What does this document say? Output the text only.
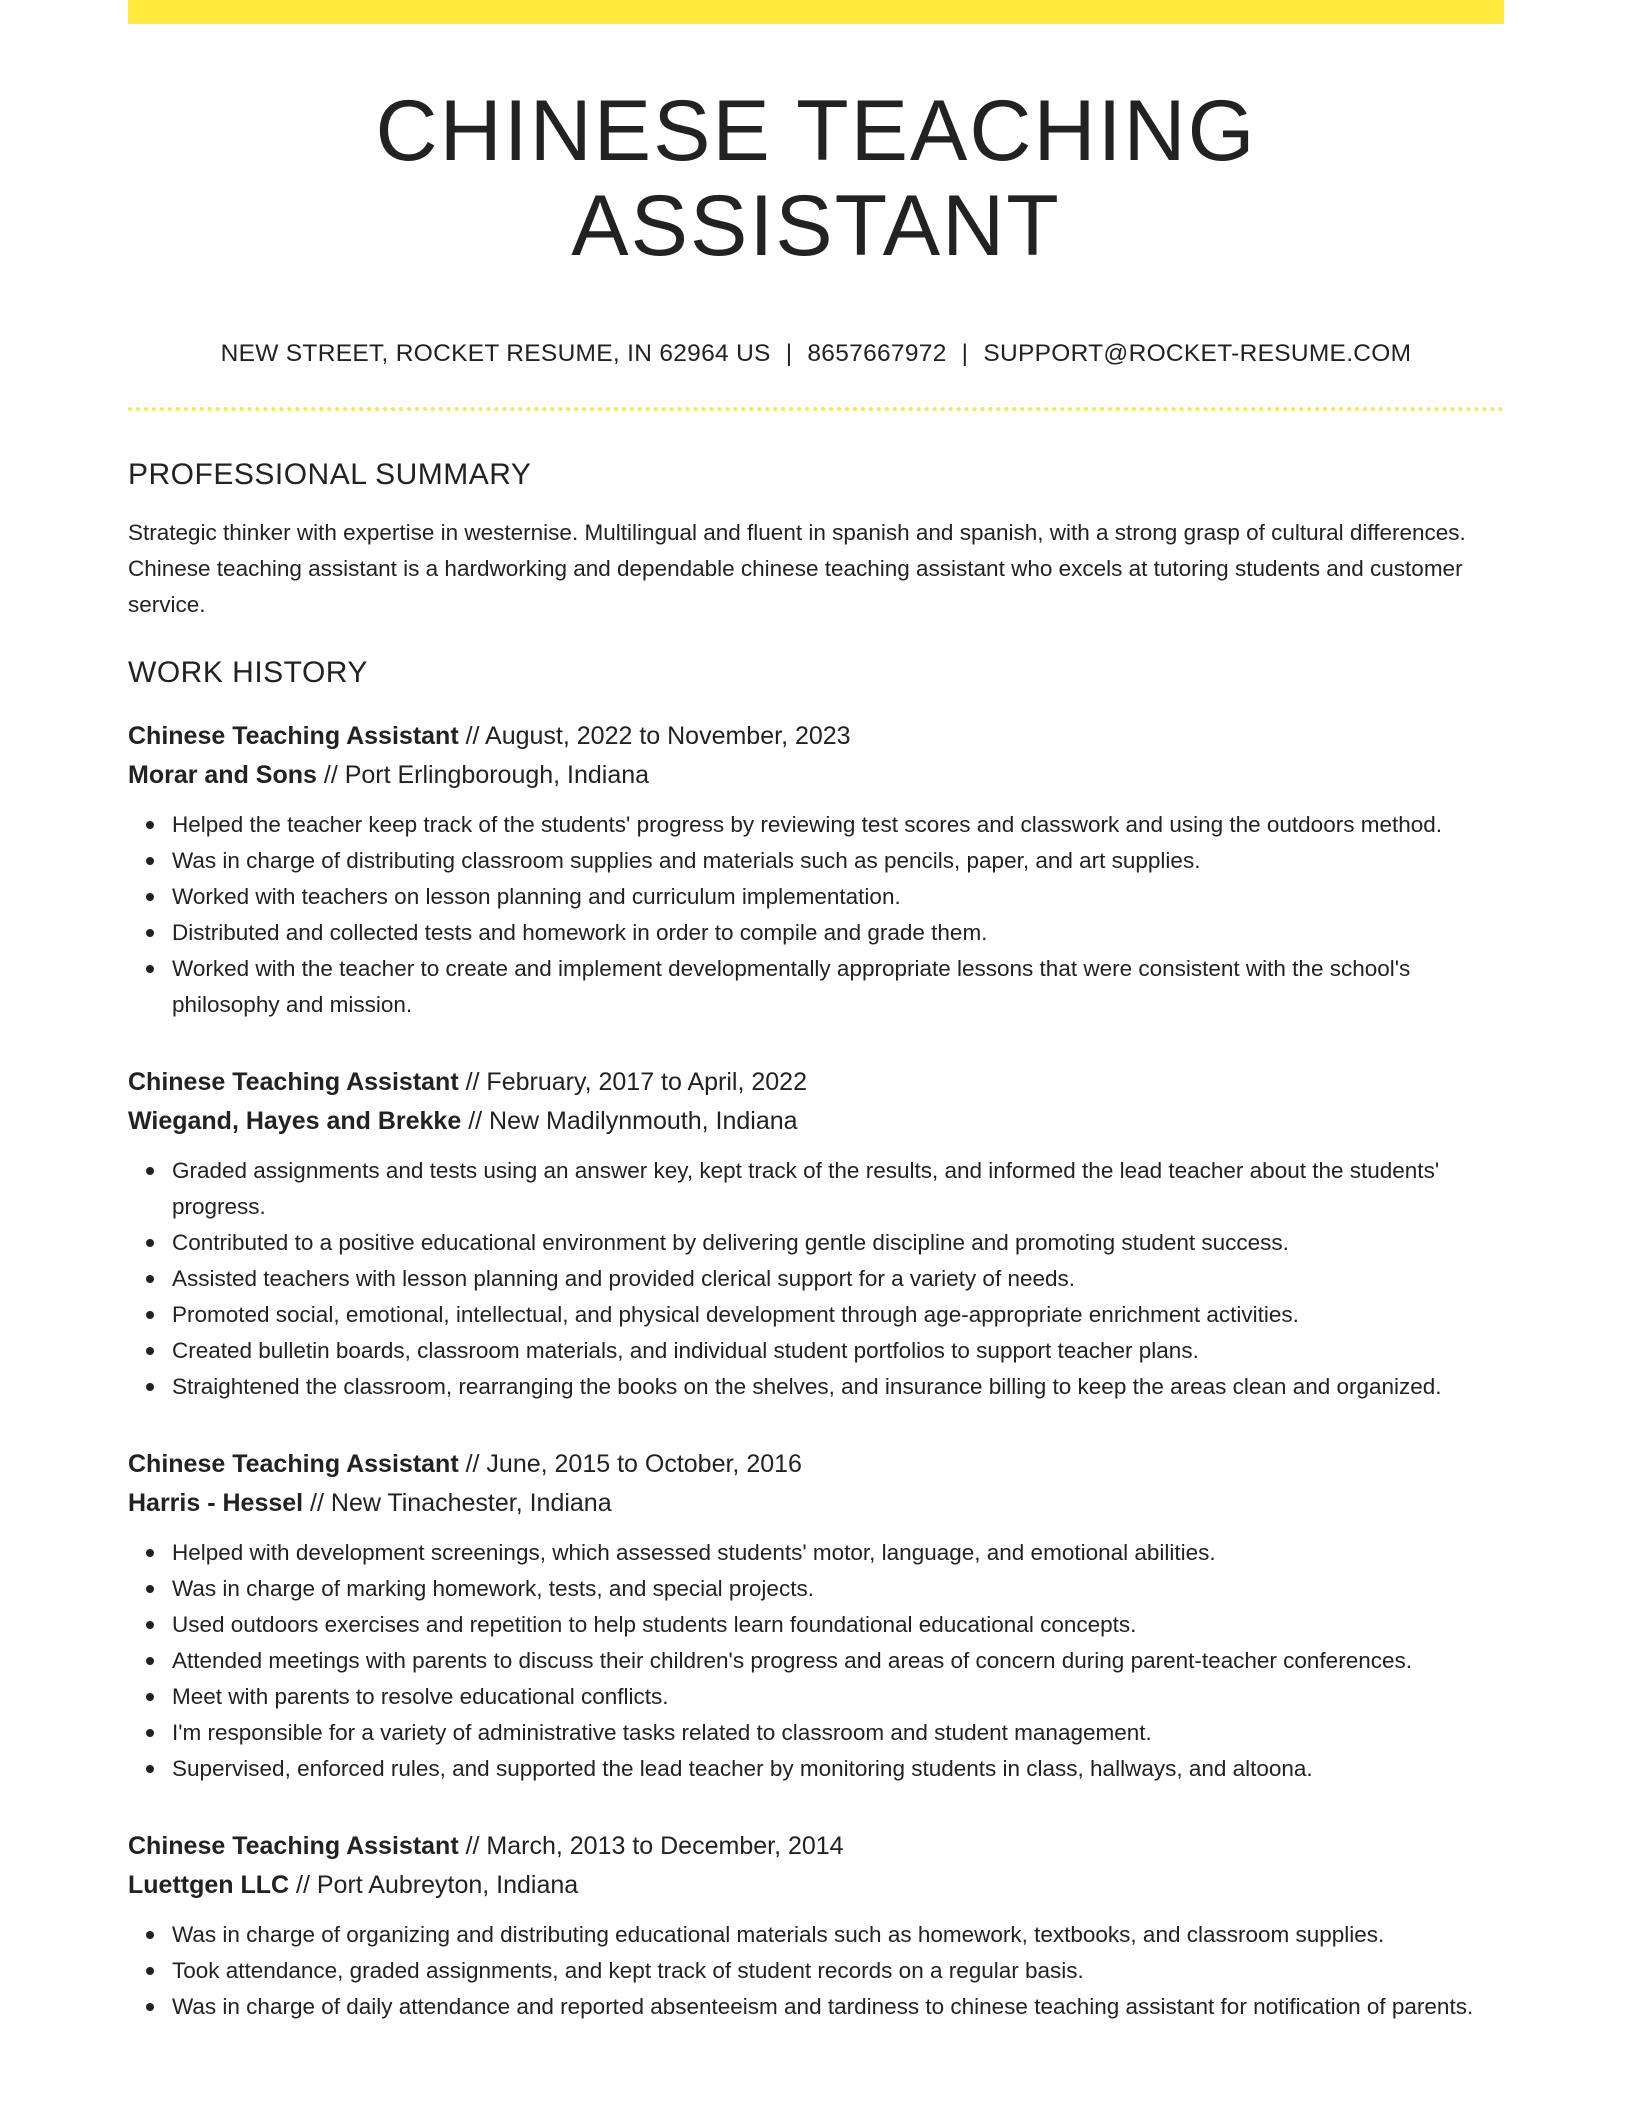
CHINESE TEACHING ASSISTANT
NEW STREET, ROCKET RESUME, IN 62964 US | 8657667972 | SUPPORT@ROCKET-RESUME.COM
PROFESSIONAL SUMMARY

Strategic thinker with expertise in westernise. Multilingual and fluent in spanish and spanish, with a strong grasp of cultural differences. Chinese teaching assistant is a hardworking and dependable chinese teaching assistant who excels at tutoring students and customer service.

WORK HISTORY
Chinese Teaching Assistant // August, 2022 to November, 2023
Morar and Sons // Port Erlingborough, Indiana
Helped the teacher keep track of the students' progress by reviewing test scores and classwork and using the outdoors method.
Was in charge of distributing classroom supplies and materials such as pencils, paper, and art supplies.
Worked with teachers on lesson planning and curriculum implementation.
Distributed and collected tests and homework in order to compile and grade them.
Worked with the teacher to create and implement developmentally appropriate lessons that were consistent with the school's philosophy and mission.
Chinese Teaching Assistant // February, 2017 to April, 2022
Wiegand, Hayes and Brekke // New Madilynmouth, Indiana
Graded assignments and tests using an answer key, kept track of the results, and informed the lead teacher about the students' progress.
Contributed to a positive educational environment by delivering gentle discipline and promoting student success.
Assisted teachers with lesson planning and provided clerical support for a variety of needs.
Promoted social, emotional, intellectual, and physical development through age-appropriate enrichment activities.
Created bulletin boards, classroom materials, and individual student portfolios to support teacher plans.
Straightened the classroom, rearranging the books on the shelves, and insurance billing to keep the areas clean and organized.
Chinese Teaching Assistant // June, 2015 to October, 2016
Harris - Hessel // New Tinachester, Indiana
Helped with development screenings, which assessed students' motor, language, and emotional abilities.
Was in charge of marking homework, tests, and special projects.
Used outdoors exercises and repetition to help students learn foundational educational concepts.
Attended meetings with parents to discuss their children's progress and areas of concern during parent-teacher conferences.
Meet with parents to resolve educational conflicts.
I'm responsible for a variety of administrative tasks related to classroom and student management.
Supervised, enforced rules, and supported the lead teacher by monitoring students in class, hallways, and altoona.
Chinese Teaching Assistant // March, 2013 to December, 2014
Luettgen LLC // Port Aubreyton, Indiana
Was in charge of organizing and distributing educational materials such as homework, textbooks, and classroom supplies.
Took attendance, graded assignments, and kept track of student records on a regular basis.
Was in charge of daily attendance and reported absenteeism and tardiness to chinese teaching assistant for notification of parents.
